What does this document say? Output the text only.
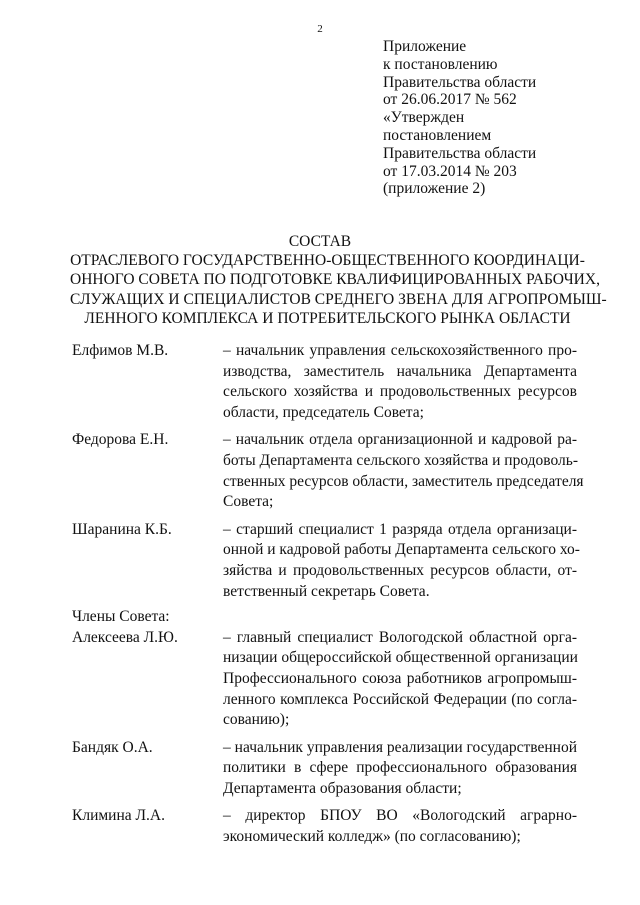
2
Приложение
к постановлению
Правительства области
от 26.06.2017 № 562
«Утвержден
постановлением
Правительства области
от 17.03.2014 № 203
(приложение 2)
СОСТАВ
ОТРАСЛЕВОГО ГОСУДАРСТВЕННО-ОБЩЕСТВЕННОГО КООРДИНАЦИ-
ОННОГО СОВЕТА ПО ПОДГОТОВКЕ КВАЛИФИЦИРОВАННЫХ РАБОЧИХ,
СЛУЖАЩИХ И СПЕЦИАЛИСТОВ СРЕДНЕГО ЗВЕНА ДЛЯ АГРОПРОМЫШ-
ЛЕННОГО КОМПЛЕКСА И ПОТРЕБИТЕЛЬСКОГО РЫНКА ОБЛАСТИ
Елфимов М.В.	– начальник управления сельскохозяйственного про-
изводства, заместитель начальника Департамента
сельского хозяйства и продовольственных ресурсов
области, председатель Совета;
Федорова Е.Н.	– начальник отдела организационной и кадровой ра-
боты Департамента сельского хозяйства и продоволь-
ственных ресурсов области, заместитель председателя
Совета;
Шаранина К.Б.	– старший специалист 1 разряда отдела организаци-
онной и кадровой работы Департамента сельского хо-
зяйства и продовольственных ресурсов области, от-
ветственный секретарь Совета.
Члены Совета:
Алексеева Л.Ю.	– главный специалист Вологодской областной орга-
низации общероссийской общественной организации
Профессионального союза работников агропромыш-
ленного комплекса Российской Федерации (по согла-
сованию);
Бандяк О.А.	– начальник управления реализации государственной
политики в сфере профессионального образования
Департамента образования области;
Климина Л.А.	– директор БПОУ ВО «Вологодский аграрно-
экономический колледж» (по согласованию);
